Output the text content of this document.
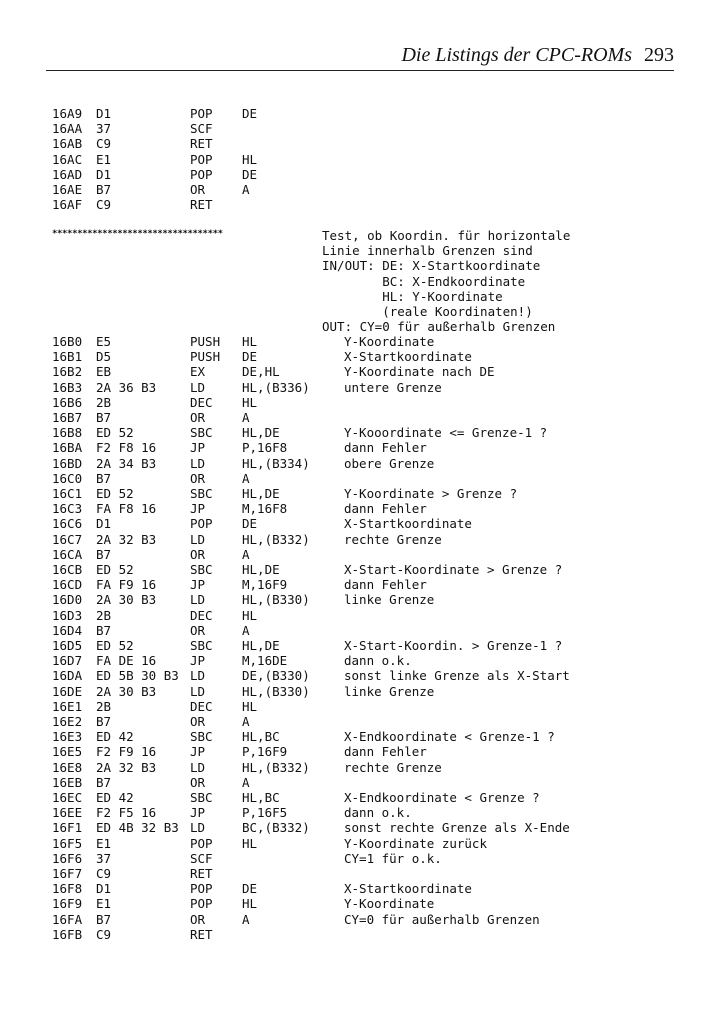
Die Listings der CPC-ROMs 293
**********************************	Test, ob Koordin. für horizontale
Linie innerhalb Grenzen sind
IN/OUT: DE: X-Startkoordinate
BC: X-Endkoordinate
HL: Y-Koordinate
(reale Koordinaten!)
OUT: CY=0 für außerhalb Grenzen
16A9 D1	POP DE
16AA 37	SCF
16AB C9	RET
16AC E1	POP HL
16AD D1	POP DE
16AE B7	OR	A
16AF C9	RET
16B0 E5	PUSH HL	Y-Koordinate
16B1 D5	PUSH DE	X-Startkoordinate
16B2 EB	EX	DE,HL	Y-Koordinate nach DE
16B3 2A 36 B3	LD	HL,(B336)	untere Grenze
16B6 2B	DEC HL
16B7 B7	OR	A
16B8 ED 52	SBC HL,DE	Y-Kooordinate <= Grenze-1 ?
16BA F2 F8 16	JP	P,16F8	dann Fehler
16BD 2A 34 B3	LD	HL,(B334)	obere Grenze
16C0 B7	OR	A
16C1 ED 52	SBC HL,DE	Y-Koordinate > Grenze ?
16C3 FA F8 16	JP	M,16F8	dann Fehler
16C6 D1	POP DE	X-Startkoordinate
16C7 2A 32 B3	LD	HL,(B332)	rechte Grenze
16CA B7	OR	A
16CB ED 52	SBC HL,DE	X-Start-Koordinate > Grenze ?
16CD FA F9 16	JP	M,16F9	dann Fehler
16D0 2A 30 B3	LD	HL,(B330)	linke Grenze
16D3 2B	DEC HL
16D4 B7	OR	A
16D5 ED 52	SBC HL,DE	X-Start-Koordin. > Grenze-1 ?
16D7 FA DE 16	JP	M,16DE	dann o.k.
16DA ED 5B 30 B3 LD	DE,(B330)	sonst linke Grenze als X-Start
16DE 2A 30 B3	LD	HL,(B330)	linke Grenze
16E1 2B	DEC HL
16E2 B7	OR	A
16E3 ED 42	SBC HL,BC	X-Endkoordinate < Grenze-1 ?
16E5 F2 F9 16	JP	P,16F9	dann Fehler
16E8 2A 32 B3	LD	HL,(B332)	rechte Grenze
16EB B7	OR	A
16EC ED 42	SBC HL,BC	X-Endkoordinate < Grenze ?
16EE F2 F5 16	JP	P,16F5	dann o.k.
16F1 ED 4B 32 B3 LD	BC,(B332)	sonst rechte Grenze als X-Ende
16F5 E1	POP HL	Y-Koordinate zurück
16F6 37	SCF	CY=1 für o.k.
16F7 C9	RET
16F8 D1	POP DE	X-Startkoordinate
16F9 E1	POP HL	Y-Koordinate
16FA B7	OR	A	CY=0 für außerhalb Grenzen
16FB C9	RET
